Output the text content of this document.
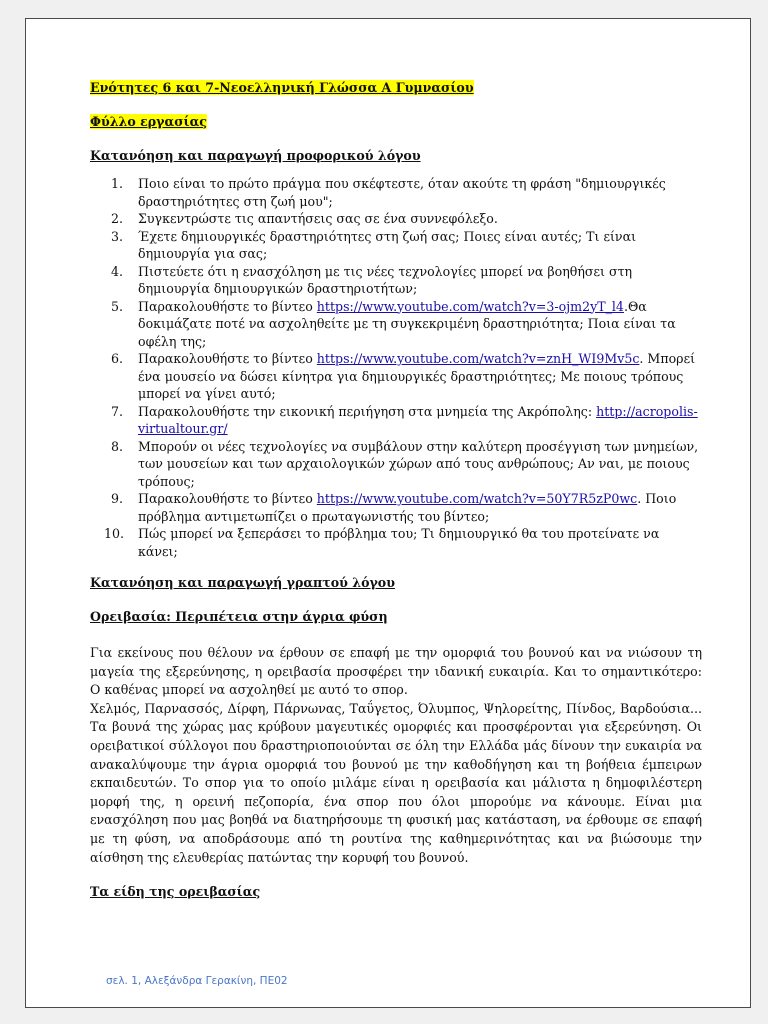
Ενότητες 6 και 7-Νεοελληνική Γλώσσα Α Γυμνασίου

Φύλλο εργασίας

Κατανόηση και παραγωγή προφορικού λόγου

1. Ποιο είναι το πρώτο πράγμα που σκέφτεστε, όταν ακούτε τη φράση "δημιουργικές δραστηριότητες στη ζωή μου";
2. Συγκεντρώστε τις απαντήσεις σας σε ένα συννεφόλεξο.
3. Έχετε δημιουργικές δραστηριότητες στη ζωή σας; Ποιες είναι αυτές; Τι είναι δημιουργία για σας;
4. Πιστεύετε ότι η ενασχόληση με τις νέες τεχνολογίες μπορεί να βοηθήσει στη δημιουργία δημιουργικών δραστηριοτήτων;
5. Παρακολουθήστε το βίντεο https://www.youtube.com/watch?v=3-ojm2yT_l4.Θα δοκιμάζατε ποτέ να ασχοληθείτε με τη συγκεκριμένη δραστηριότητα; Ποια είναι τα οφέλη της;
6. Παρακολουθήστε το βίντεο https://www.youtube.com/watch?v=znH_WI9Mv5c. Μπορεί ένα μουσείο να δώσει κίνητρα για δημιουργικές δραστηριότητες; Με ποιους τρόπους μπορεί να γίνει αυτό;
7. Παρακολουθήστε την εικονική περιήγηση στα μνημεία της Ακρόπολης: http://acropolis-virtualtour.gr/
8. Μπορούν οι νέες τεχνολογίες να συμβάλουν στην καλύτερη προσέγγιση των μνημείων, των μουσείων και των αρχαιολογικών χώρων από τους ανθρώπους; Αν ναι, με ποιους τρόπους;
9. Παρακολουθήστε το βίντεο https://www.youtube.com/watch?v=50Y7R5zP0wc. Ποιο πρόβλημα αντιμετωπίζει ο πρωταγωνιστής του βίντεο;
10. Πώς μπορεί να ξεπεράσει το πρόβλημα του; Τι δημιουργικό θα του προτείνατε να κάνει;

Κατανόηση και παραγωγή γραπτού λόγου

Ορειβασία: Περιπέτεια στην άγρια φύση

Για εκείνους που θέλουν να έρθουν σε επαφή με την ομορφιά του βουνού και να νιώσουν τη μαγεία της εξερεύνησης, η ορειβασία προσφέρει την ιδανική ευκαιρία. Και το σημαντικότερο: Ο καθένας μπορεί να ασχοληθεί με αυτό το σπορ.

Χελμός, Παρνασσός, Δίρφη, Πάρνωνας, Ταΰγετος, Όλυμπος, Ψηλορείτης, Πίνδος, Βαρδούσια... Τα βουνά της χώρας μας κρύβουν μαγευτικές ομορφιές και προσφέρονται για εξερεύνηση. Οι ορειβατικοί σύλλογοι που δραστηριοποιούνται σε όλη την Ελλάδα μάς δίνουν την ευκαιρία να ανακαλύψουμε την άγρια ομορφιά του βουνού με την καθοδήγηση και τη βοήθεια έμπειρων εκπαιδευτών. Το σπορ για το οποίο μιλάμε είναι η ορειβασία και μάλιστα η δημοφιλέστερη μορφή της, η ορεινή πεζοπορία, ένα σπορ που όλοι μπορούμε να κάνουμε. Είναι μια ενασχόληση που μας βοηθά να διατηρήσουμε τη φυσική μας κατάσταση, να έρθουμε σε επαφή με τη φύση, να αποδράσουμε από τη ρουτίνα της καθημερινότητας και να βιώσουμε την αίσθηση της ελευθερίας πατώντας την κορυφή του βουνού.

Τα είδη της ορειβασίας

σελ. 1, Αλεξάνδρα Γερακίνη, ΠΕ02
